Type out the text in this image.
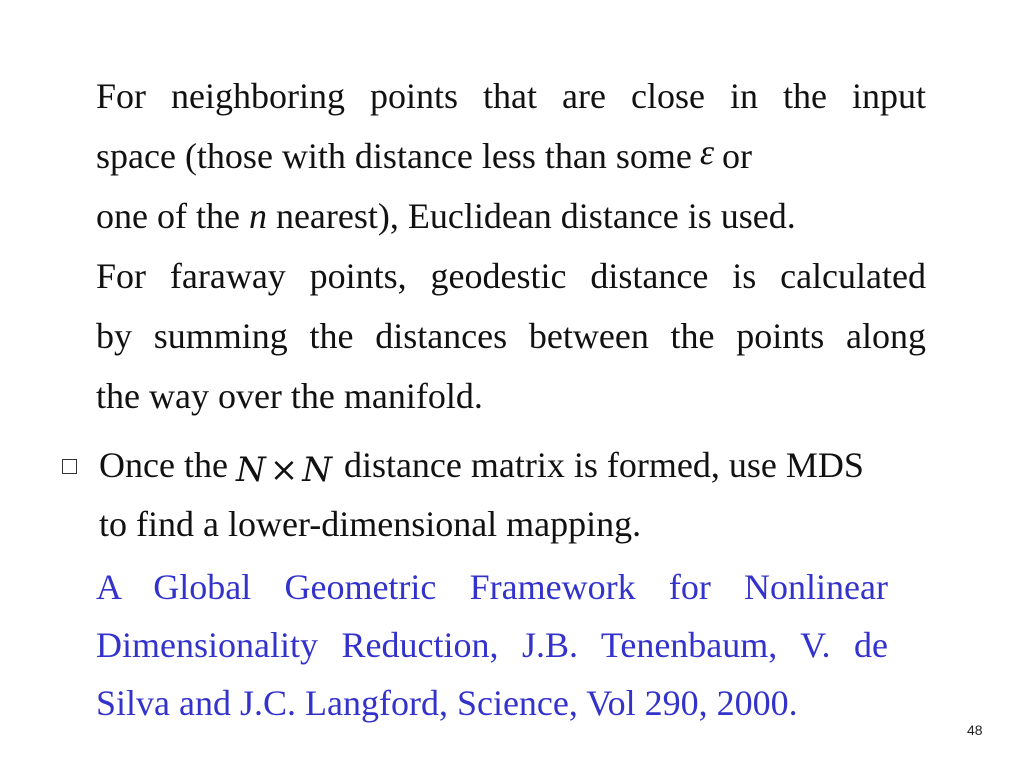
For neighboring points that are close in the input
space (those with distance less than some ε or
one of the n nearest), Euclidean distance is used.
For faraway points, geodestic distance is calculated
by summing the distances between the points along
the way over the manifold.
Once the N × N distance matrix is formed, use MDS
to find a lower-dimensional mapping.
A Global Geometric Framework for Nonlinear
Dimensionality Reduction, J.B. Tenenbaum, V. de
Silva and J.C. Langford, Science, Vol 290, 2000.
48
